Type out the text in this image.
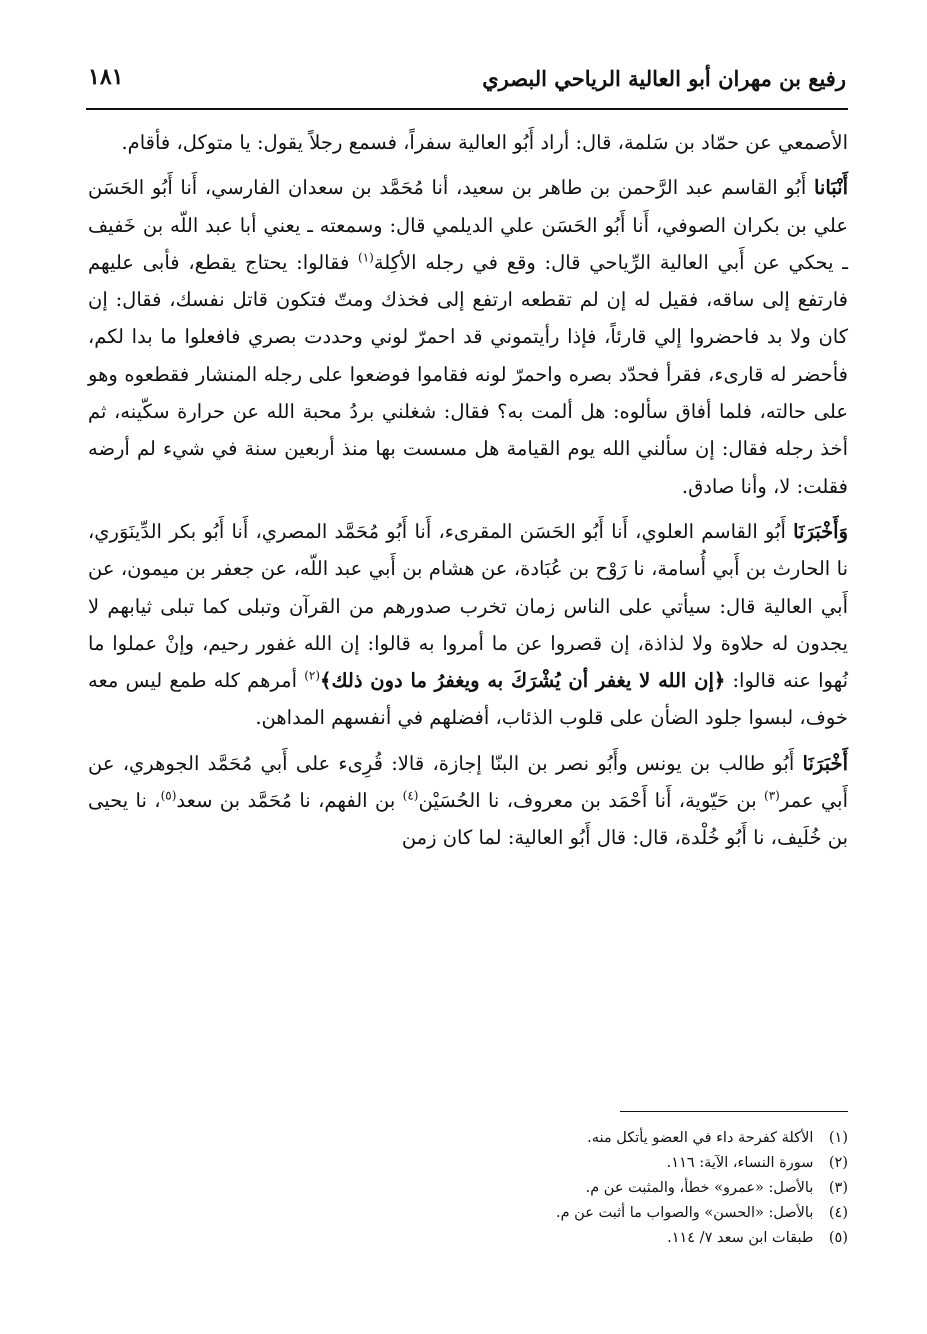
١٨١	رفيع بن مهران أبو العالية الرياحي البصري

الأصمعي عن حمّاد بن سَلمة، قال: أراد أَبُو العالية سفراً، فسمع رجلاً يقول: يا متوكل، فأقام.

أَنْبَانا أَبُو القاسم عبد الرَّحمن بن طاهر بن سعيد، أنا مُحَمَّد بن سعدان الفارسي، أَنا أَبُو الحَسَن علي بن بكران الصوفي، أَنا أَبُو الحَسَن علي الديلمي قال: وسمعته ـ يعني أبا عبد اللّه بن خَفيف ـ يحكي عن أَبي العالية الرِّياحي قال: وقع في رجله الأكِلة$^{(١)}$ فقالوا: يحتاج يقطع، فأبى عليهم فارتفع إلى ساقه، فقيل له إن لم تقطعه ارتفع إلى فخذك ومتّ فتكون قاتل نفسك، فقال: إن كان ولا بد فاحضروا إلي قارئاً، فإذا رأيتموني قد احمرّ لوني وحددت بصري فافعلوا ما بدا لكم، فأحضر له قارىء، فقرأ فحدّد بصره واحمرّ لونه فقاموا فوضعوا على رجله المنشار فقطعوه وهو على حالته، فلما أفاق سألوه: هل ألمت به؟ فقال: شغلني بردُ محبة الله عن حرارة سكّينه، ثم أخذ رجله فقال: إن سألني الله يوم القيامة هل مسست بها منذ أربعين سنة في شيء لم أرضه فقلت: لا، وأنا صادق.

وَأَخْبَرَنَا أَبُو القاسم العلوي، أَنا أَبُو الحَسَن المقرىء، أَنا أَبُو مُحَمَّد المصري، أَنا أَبُو بكر الدِّينَوَري، نا الحارث بن أَبي أُسامة، نا رَوْح بن عُبَادة، عن هشام بن أَبي عبد اللّه، عن جعفر بن ميمون، عن أَبي العالية قال: سيأتي على الناس زمان تخرب صدورهم من القرآن وتبلى كما تبلى ثيابهم لا يجدون له حلاوة ولا لذاذة، إن قصروا عن ما أمروا به قالوا: إن الله غفور رحيم، وإنْ عملوا ما نُهوا عنه قالوا: ﴿إن الله لا يغفر أن يُشْرَكَ به ويغفرُ ما دون ذلك﴾$^{(٢)}$ أمرهم كله طمع ليس معه خوف، لبسوا جلود الضأن على قلوب الذئاب، أفضلهم في أنفسهم المداهن.

أَخْبَرَنَا أَبُو طالب بن يونس وأَبُو نصر بن البنّا إجازة، قالا: قُرِىء على أَبي مُحَمَّد الجوهري، عن أَبي عمر$^{(٣)}$ بن حَيّوية، أَنا أَحْمَد بن معروف، نا الحُسَيْن$^{(٤)}$ بن الفهم، نا مُحَمَّد بن سعد$^{(٥)}$، نا يحيى بن خُلَيف، نا أَبُو خُلْدة، قال: قال أَبُو العالية: لما كان زمن

(١) الأكلة كفرحة داء في العضو يأتكل منه.
(٢) سورة النساء، الآية: ١١٦.
(٣) بالأصل: «عمرو» خطأ، والمثبت عن م.
(٤) بالأصل: «الحسن» والصواب ما أثبت عن م.
(٥) طبقات ابن سعد ٧/ ١١٤.
